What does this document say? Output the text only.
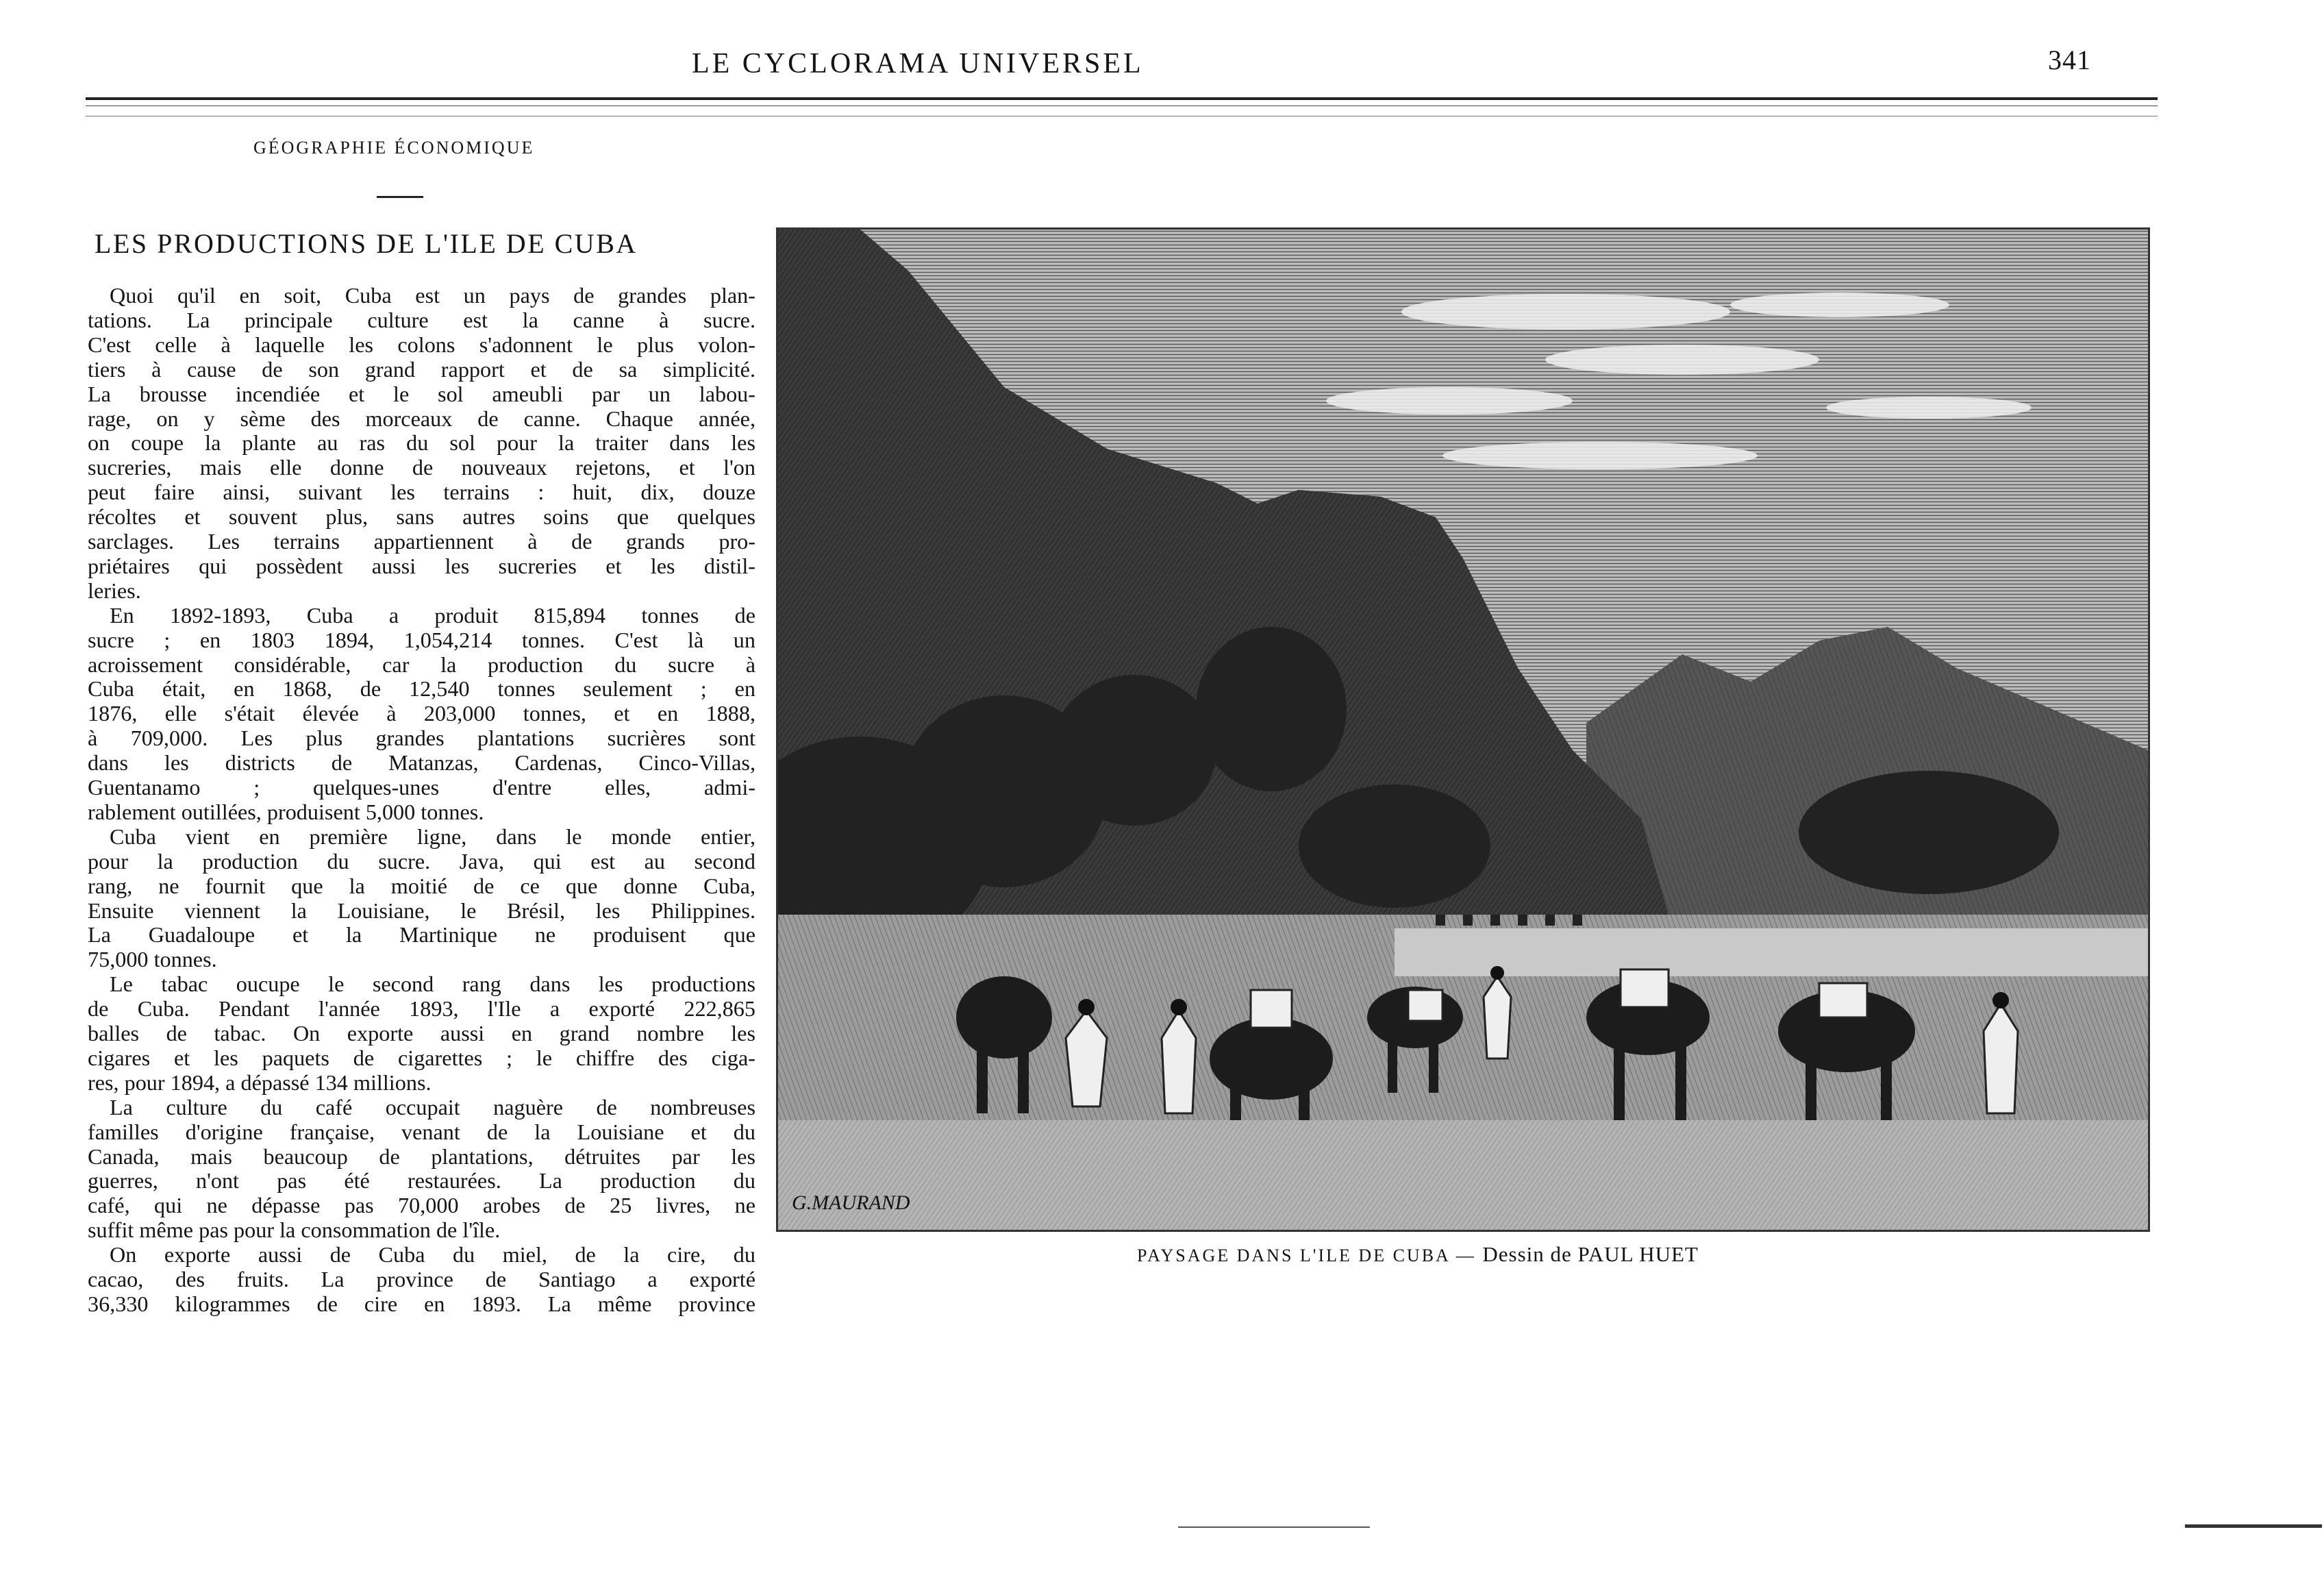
LE CYCLORAMA UNIVERSEL	341
GÉOGRAPHIE ÉCONOMIQUE
LES PRODUCTIONS DE L'ILE DE CUBA
Quoi qu'il en soit, Cuba est un pays de grandes plan-
tations. La principale culture est la canne à sucre.
C'est celle à laquelle les colons s'adonnent le plus volon-
tiers à cause de son grand rapport et de sa simplicité.
La brousse incendiée et le sol ameubli par un labou-
rage, on y sème des morceaux de canne. Chaque année,
on coupe la plante au ras du sol pour la traiter dans les
sucreries, mais elle donne de nouveaux rejetons, et l'on
peut faire ainsi, suivant les terrains : huit, dix, douze
récoltes et souvent plus, sans autres soins que quelques
sarclages. Les terrains appartiennent à de grands pro-
priétaires qui possèdent aussi les sucreries et les distil-
leries.
En 1892-1893, Cuba a produit 815,894 tonnes de
sucre ; en 1803 1894, 1,054,214 tonnes. C'est là un
acroissement considérable, car la production du sucre à
Cuba était, en 1868, de 12,540 tonnes seulement ; en
1876, elle s'était élevée à 203,000 tonnes, et en 1888,
à 709,000. Les plus grandes plantations sucrières sont
dans les districts de Matanzas, Cardenas, Cinco-Villas,
Guentanamo ; quelques-unes d'entre elles, admi-
rablement outillées, produisent 5,000 tonnes.
Cuba vient en première ligne, dans le monde entier,
pour la production du sucre. Java, qui est au second
rang, ne fournit que la moitié de ce que donne Cuba,
Ensuite viennent la Louisiane, le Brésil, les Philippines.
La Guadaloupe et la Martinique ne produisent que
75,000 tonnes.
Le tabac oucupe le second rang dans les productions
de Cuba. Pendant l'année 1893, l'Ile a exporté 222,865
balles de tabac. On exporte aussi en grand nombre les
cigares et les paquets de cigarettes ; le chiffre des ciga-
res, pour 1894, a dépassé 134 millions.
La culture du café occupait naguère de nombreuses
familles d'origine française, venant de la Louisiane et du
Canada, mais beaucoup de plantations, détruites par les
guerres, n'ont pas été restaurées. La production du
café, qui ne dépasse pas 70,000 arobes de 25 livres, ne
suffit même pas pour la consommation de l'île.
On exporte aussi de Cuba du miel, de la cire, du
cacao, des fruits. La province de Santiago a exporté
36,330 kilogrammes de cire en 1893. La même province
G.MAURAND
PAYSAGE DANS L'ILE DE CUBA — Dessin de PAUL HUET
